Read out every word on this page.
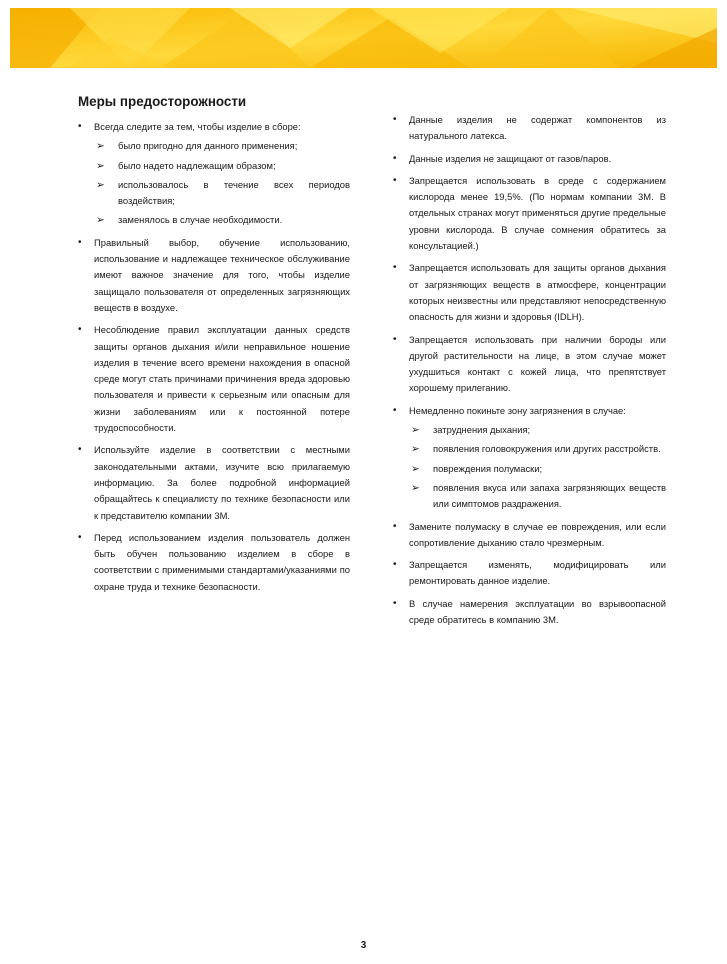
Меры предосторожности
• Всегда следите за тем, чтобы изделие в сборе:
➢ было пригодно для данного применения;
➢ было надето надлежащим образом;
➢ использовалось в течение всех периодов воздействия;
➢ заменялось в случае необходимости.
• Правильный выбор, обучение использованию, использование и надлежащее техническое обслуживание имеют важное значение для того, чтобы изделие защищало пользователя от определенных загрязняющих веществ в воздухе.
• Несоблюдение правил эксплуатации данных средств защиты органов дыхания и/или неправильное ношение изделия в течение всего времени нахождения в опасной среде могут стать причинами причинения вреда здоровью пользователя и привести к серьезным или опасным для жизни заболеваниям или к постоянной потере трудоспособности.
• Используйте изделие в соответствии с местными законодательными актами, изучите всю прилагаемую информацию. За более подробной информацией обращайтесь к специалисту по технике безопасности или к представителю компании 3М.
• Перед использованием изделия пользователь должен быть обучен пользованию изделием в сборе в соответствии с применимыми стандартами/указаниями по охране труда и технике безопасности.
• Данные изделия не содержат компонентов из натурального латекса.
• Данные изделия не защищают от газов/паров.
• Запрещается использовать в среде с содержанием кислорода менее 19,5%. (По нормам компании 3М. В отдельных странах могут применяться другие предельные уровни кислорода. В случае сомнения обратитесь за консультацией.)
• Запрещается использовать для защиты органов дыхания от загрязняющих веществ в атмосфере, концентрации которых неизвестны или представляют непосредственную опасность для жизни и здоровья (IDLH).
• Запрещается использовать при наличии бороды или другой растительности на лице, в этом случае может ухудшиться контакт с кожей лица, что препятствует хорошему прилеганию.
• Немедленно покиньте зону загрязнения в случае:
➢ затруднения дыхания;
➢ появления головокружения или других расстройств.
➢ повреждения полумаски;
➢ появления вкуса или запаха загрязняющих веществ или симптомов раздражения.
• Замените полумаску в случае ее повреждения, или если сопротивление дыханию стало чрезмерным.
• Запрещается изменять, модифицировать или ремонтировать данное изделие.
• В случае намерения эксплуатации во взрывоопасной среде обратитесь в компанию 3М.
3
